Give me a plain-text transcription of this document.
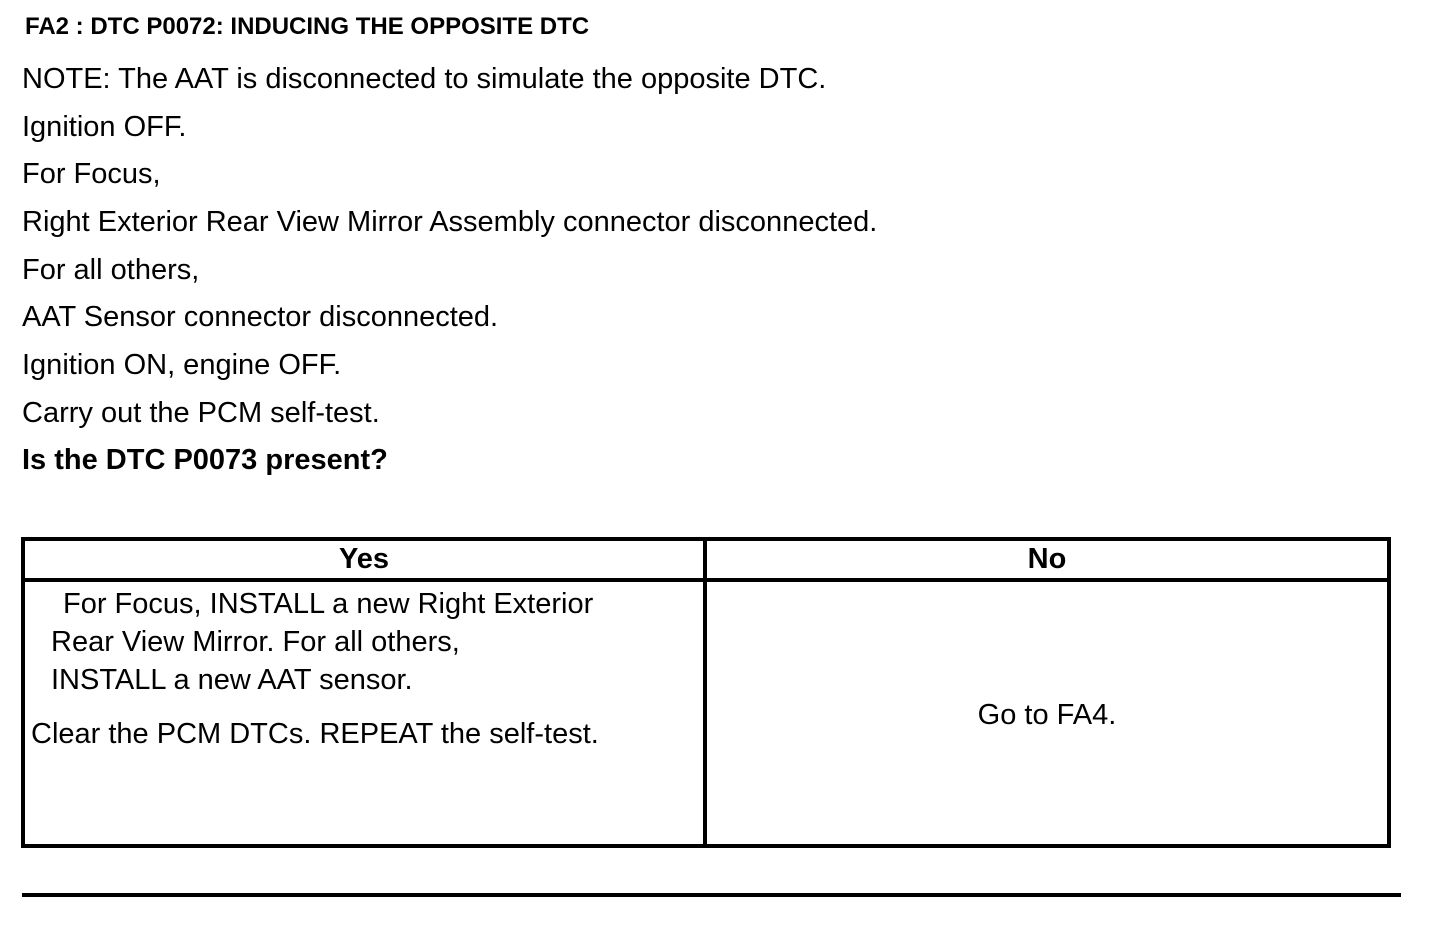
FA2 : DTC P0072: INDUCING THE OPPOSITE DTC
NOTE: The AAT is disconnected to simulate the opposite DTC.
Ignition OFF.
For Focus,
Right Exterior Rear View Mirror Assembly connector disconnected.
For all others,
AAT Sensor connector disconnected.
Ignition ON, engine OFF.
Carry out the PCM self-test.
Is the DTC P0073 present?
Yes	No

For Focus, INSTALL a new Right Exterior
Rear View Mirror. For all others,
INSTALL a new AAT sensor.
Clear the PCM DTCs. REPEAT the self-test.	Go to FA4.
